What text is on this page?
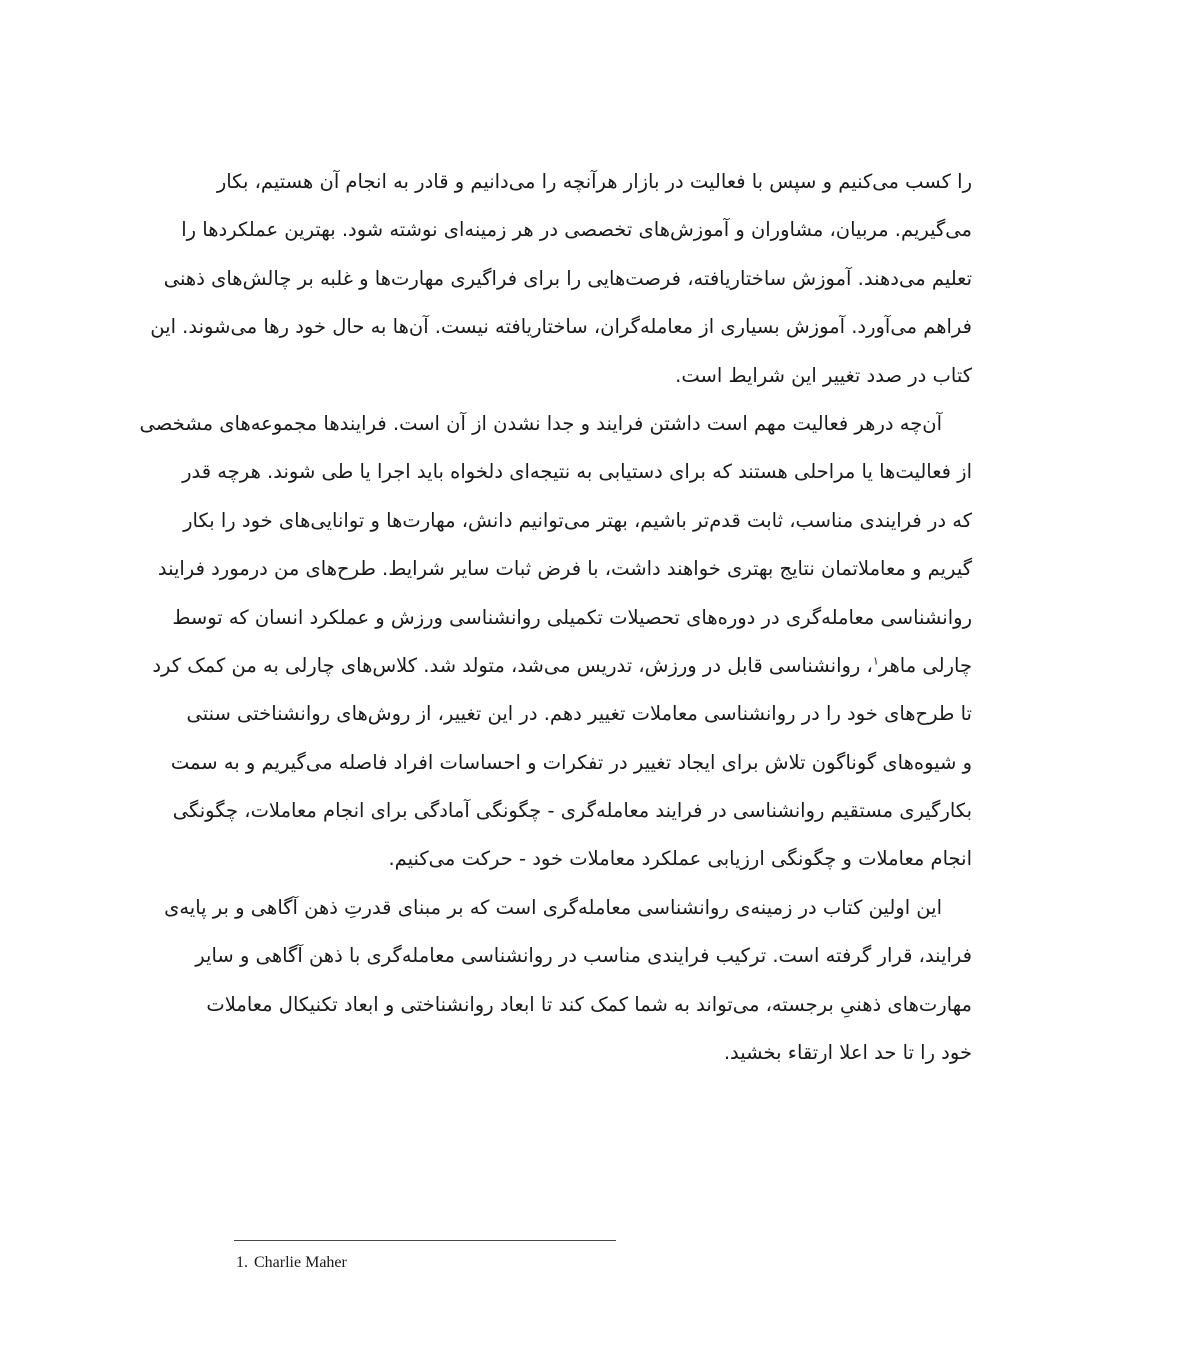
را کسب می‌کنیم و سپس با فعالیت در بازار هرآنچه را می‌دانیم و قادر به انجام آن هستیم، بکار
می‌گیریم. مربیان، مشاوران و آموزش‌های تخصصی در هر زمینه‌ای نوشته شود. بهترین عملکردها را
تعلیم می‌دهند. آموزش ساختاریافته، فرصت‌هایی را برای فراگیری مهارت‌ها و غلبه بر چالش‌های ذهنی
فراهم می‌آورد. آموزش بسیاری از معامله‌گران، ساختاریافته نیست. آن‌ها به حال خود رها می‌شوند. این
کتاب در صدد تغییر این شرایط است.
آن‌چه درهر فعالیت مهم است داشتن فرایند و جدا نشدن از آن است. فرایندها مجموعه‌های مشخصی
از فعالیت‌ها یا مراحلی هستند که برای دستیابی به نتیجه‌ای دلخواه باید اجرا یا طی شوند. هرچه قدر
که در فرایندی مناسب، ثابت قدم‌تر باشیم، بهتر می‌توانیم دانش، مهارت‌ها و توانایی‌های خود را بکار
گیریم و معاملاتمان نتایج بهتری خواهند داشت، با فرض ثبات سایر شرایط. طرح‌های من درمورد فرایند
روانشناسی معامله‌گری در دوره‌های تحصیلات تکمیلی روانشناسی ورزش و عملکرد انسان که توسط
چارلی ماهر$^۱$، روانشناسی قابل در ورزش، تدریس می‌شد، متولد شد. کلاس‌های چارلی به من کمک کرد
تا طرح‌های خود را در روانشناسی معاملات تغییر دهم. در این تغییر، از روش‌های روانشناختی سنتی
و شیوه‌های گوناگون تلاش برای ایجاد تغییر در تفکرات و احساسات افراد فاصله می‌گیریم و به سمت
بکارگیری مستقیم روانشناسی در فرایند معامله‌گری - چگونگی آمادگی برای انجام معاملات، چگونگی
انجام معاملات و چگونگی ارزیابی عملکرد معاملات خود - حرکت می‌کنیم.
این اولین کتاب در زمینه‌ی روانشناسی معامله‌گری است که بر مبنای قدرتِ ذهن آگاهی و بر پایه‌ی
فرایند، قرار گرفته است. ترکیب فرایندی مناسب در روانشناسی معامله‌گری با ذهن آگاهی و سایر
مهارت‌های ذهنیِ برجسته، می‌تواند به شما کمک کند تا ابعاد روانشناختی و ابعاد تکنیکال معاملات
خود را تا حد اعلا ارتقاء بخشید.
1. Charlie Maher
